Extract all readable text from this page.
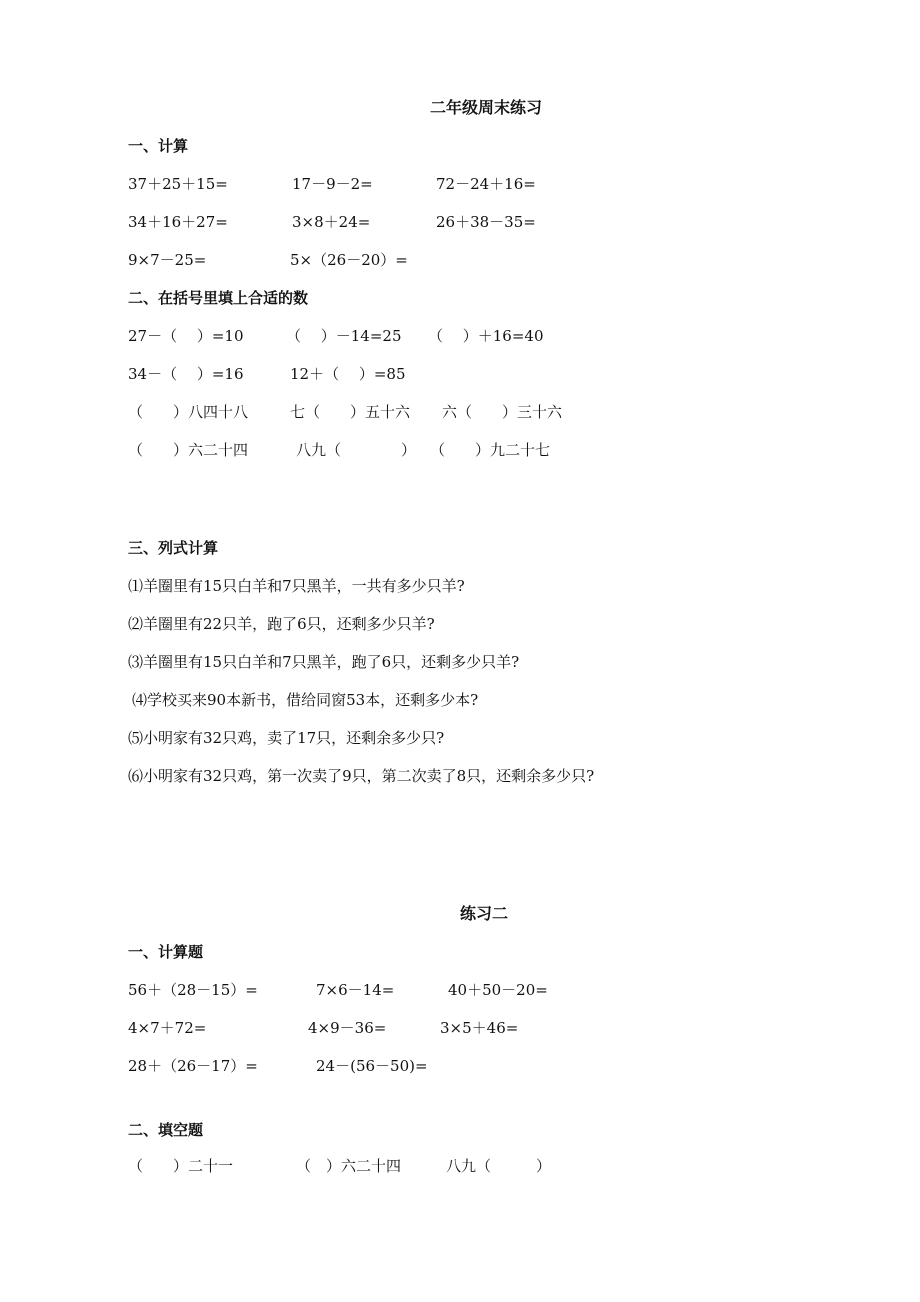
二年级周末练习
一、计算
37＋25＋15=	17－9－2=	72－24＋16=
34＋16＋27=	3×8＋24=	26＋38－35=
9×7－25=	5×（26－20）=
二、在括号里填上合适的数
27－（　 ）=10	（　 ）－14=25 （　 ）＋16=40
34－（　 ）=16	12＋（　 ）=85
（　　）八四十八	七（　　）五十六 六（　　）三十六
（　　）六二十四	八九（　　　　） （　　）九二十七
三、列式计算
⑴羊圈里有15只白羊和7只黑羊，一共有多少只羊?
⑵羊圈里有22只羊，跑了6只，还剩多少只羊?
⑶羊圈里有15只白羊和7只黑羊，跑了6只，还剩多少只羊?
⑷学校买来90本新书，借给同窗53本，还剩多少本?
⑸小明家有32只鸡，卖了17只，还剩余多少只?
⑹小明家有32只鸡，第一次卖了9只，第二次卖了8只，还剩余多少只?
练习二
一、计算题
56＋（28－15）=	7×6－14=	40＋50－20=
4×7＋72=	4×9－36=	3×5＋46=
28＋（26－17）=	24－(56－50)=
二、填空题
（　　）二十一	（　）六二十四	八九（　　　）
